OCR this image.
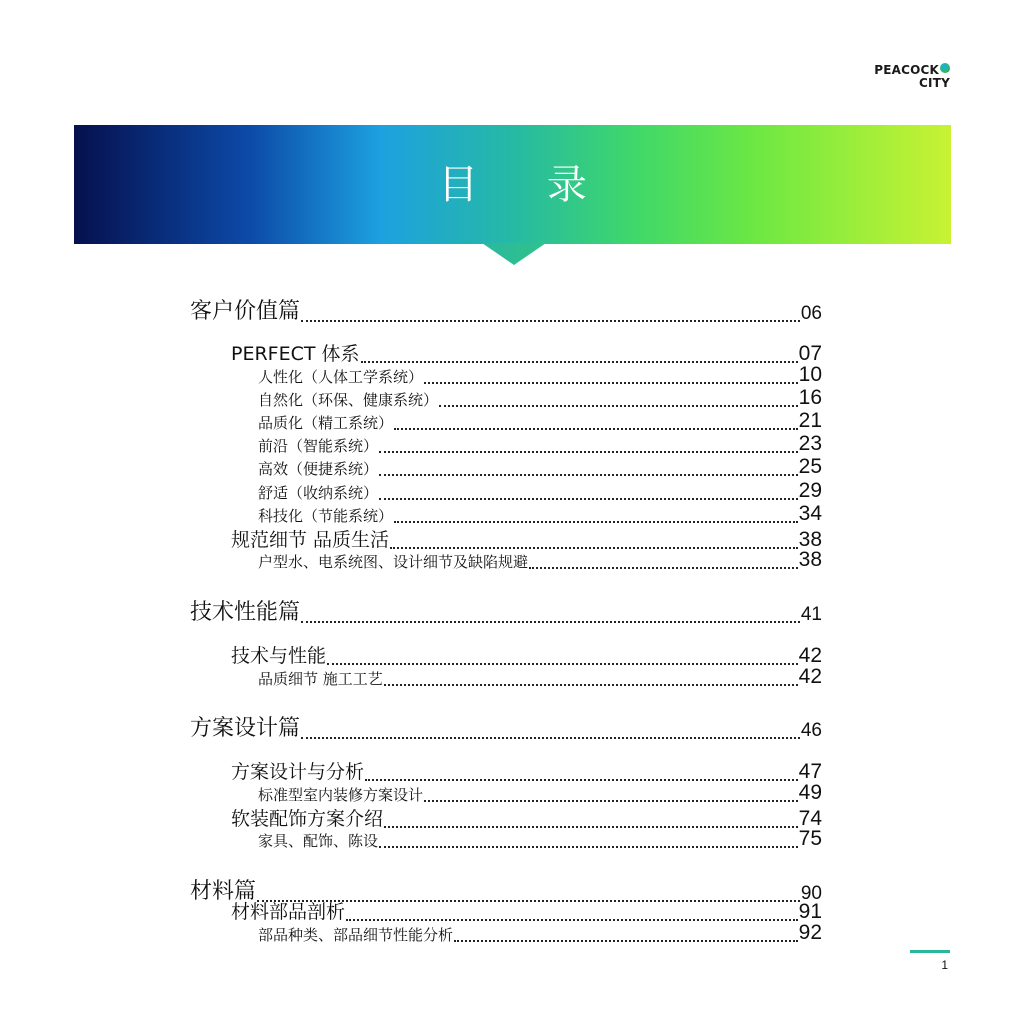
PEACOCK
CITY
目 录
客户价值篇	06
PERFECT 体系	07
人性化（人体工学系统）	10
自然化（环保、健康系统）	16
品质化（精工系统）	21
前沿（智能系统）	23
高效（便捷系统）	25
舒适（收纳系统）	29
科技化（节能系统）	34
规范细节 品质生活	38
户型水、电系统图、设计细节及缺陷规避	38
技术性能篇	41
技术与性能	42
品质细节 施工工艺	42
方案设计篇	46
方案设计与分析	47
标准型室内装修方案设计	49
软装配饰方案介绍	74
家具、配饰、陈设	75
材料篇	90
材料部品剖析	91
部品种类、部品细节性能分析	92
1
